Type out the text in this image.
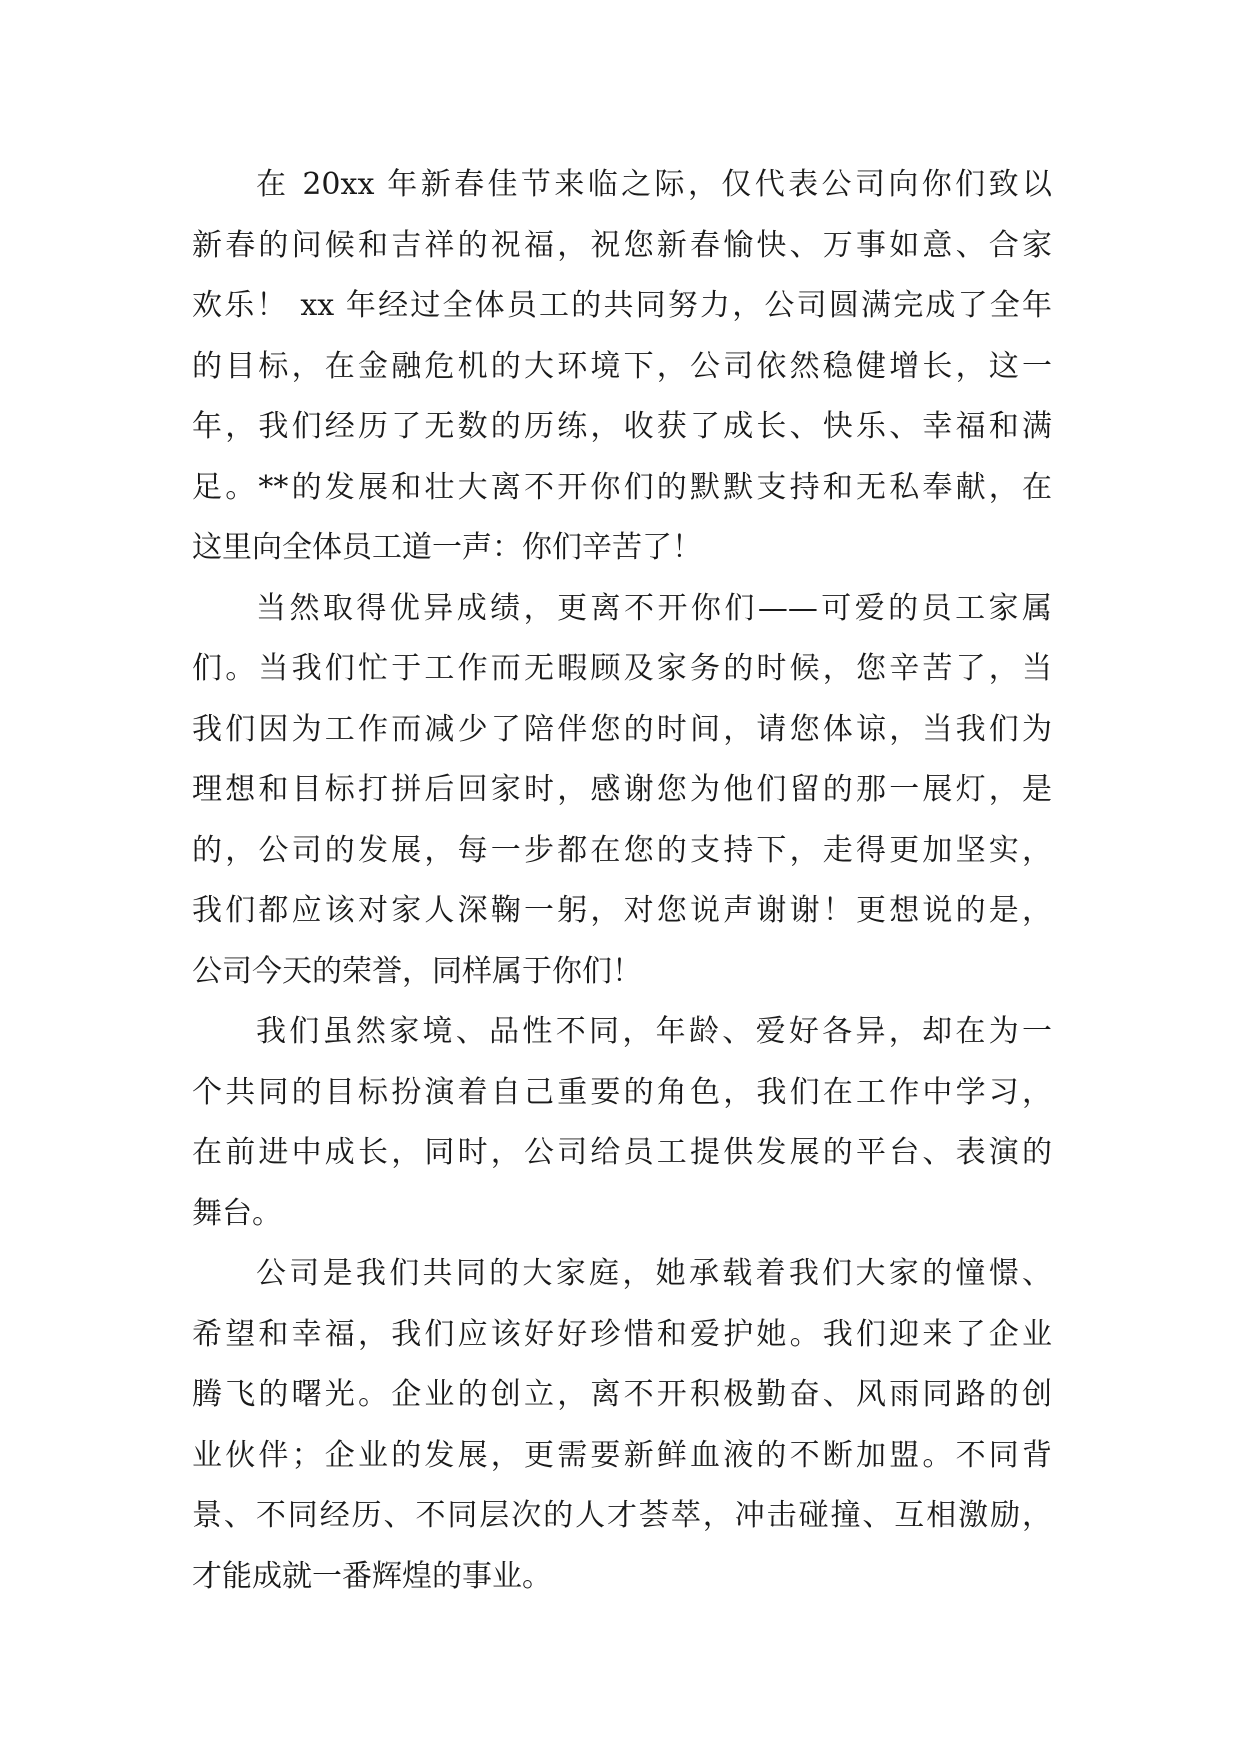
在 20xx 年新春佳节来临之际，仅代表公司向你们致以
新春的问候和吉祥的祝福，祝您新春愉快、万事如意、合家
欢乐！ xx 年经过全体员工的共同努力，公司圆满完成了全年
的目标，在金融危机的大环境下，公司依然稳健增长，这一
年，我们经历了无数的历练，收获了成长、快乐、幸福和满
足。**的发展和壮大离不开你们的默默支持和无私奉献，在
这里向全体员工道一声：你们辛苦了！
当然取得优异成绩，更离不开你们——可爱的员工家属
们。当我们忙于工作而无暇顾及家务的时候，您辛苦了，当
我们因为工作而减少了陪伴您的时间，请您体谅，当我们为
理想和目标打拼后回家时，感谢您为他们留的那一展灯，是
的，公司的发展，每一步都在您的支持下，走得更加坚实，
我们都应该对家人深鞠一躬，对您说声谢谢！更想说的是，
公司今天的荣誉，同样属于你们！
我们虽然家境、品性不同，年龄、爱好各异，却在为一
个共同的目标扮演着自己重要的角色，我们在工作中学习，
在前进中成长，同时，公司给员工提供发展的平台、表演的
舞台。
公司是我们共同的大家庭，她承载着我们大家的憧憬、
希望和幸福，我们应该好好珍惜和爱护她。我们迎来了企业
腾飞的曙光。企业的创立，离不开积极勤奋、风雨同路的创
业伙伴；企业的发展，更需要新鲜血液的不断加盟。不同背
景、不同经历、不同层次的人才荟萃，冲击碰撞、互相激励，
才能成就一番辉煌的事业。
